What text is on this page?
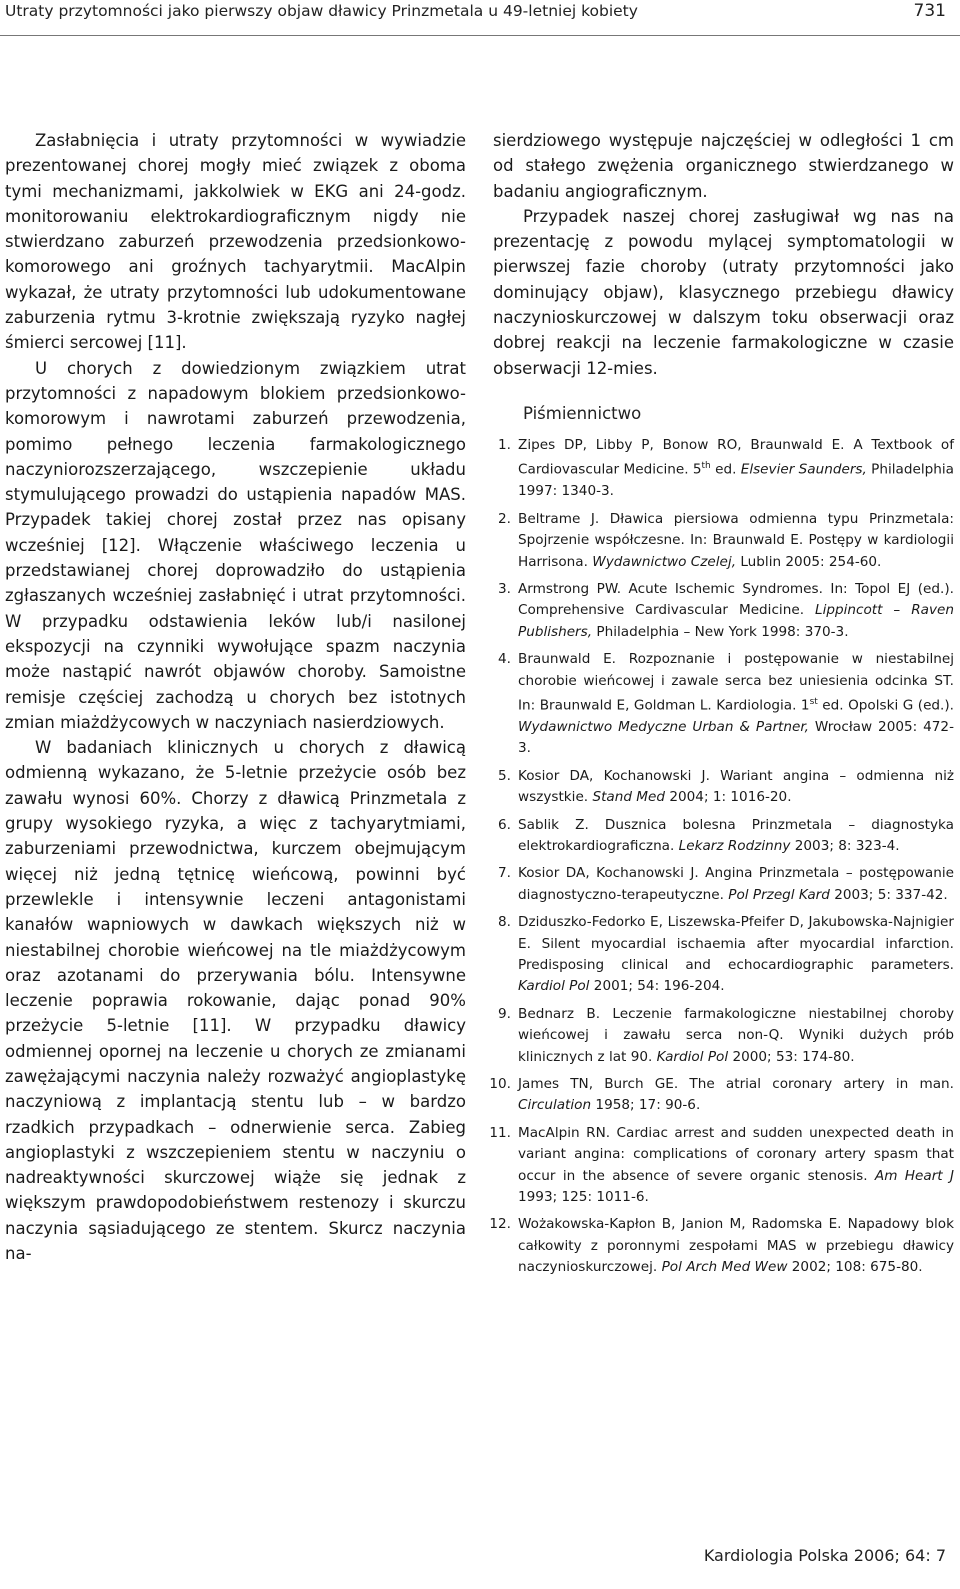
Utraty przytomności jako pierwszy objaw dławicy Prinzmetala u 49-letniej kobiety	731

Zasłabnięcia i utraty przytomności w wywiadzie prezentowanej chorej mogły mieć związek z oboma tymi mechanizmami, jakkolwiek w EKG ani 24-godz. monitorowaniu elektrokardiograficznym nigdy nie stwierdzano zaburzeń przewodzenia przedsionkowo-komorowego ani groźnych tachyarytmii. MacAlpin wykazał, że utraty przytomności lub udokumentowane zaburzenia rytmu 3-krotnie zwiększają ryzyko nagłej śmierci sercowej [11].

U chorych z dowiedzionym związkiem utrat przytomności z napadowym blokiem przedsionkowo-komorowym i nawrotami zaburzeń przewodzenia, pomimo pełnego leczenia farmakologicznego naczyniorozszerzającego, wszczepienie układu stymulującego prowadzi do ustąpienia napadów MAS. Przypadek takiej chorej został przez nas opisany wcześniej [12]. Włączenie właściwego leczenia u przedstawianej chorej doprowadziło do ustąpienia zgłaszanych wcześniej zasłabnięć i utrat przytomności. W przypadku odstawienia leków lub/i nasilonej ekspozycji na czynniki wywołujące spazm naczynia może nastąpić nawrót objawów choroby. Samoistne remisje częściej zachodzą u chorych bez istotnych zmian miażdżycowych w naczyniach nasierdziowych.

W badaniach klinicznych u chorych z dławicą odmienną wykazano, że 5-letnie przeżycie osób bez zawału wynosi 60%. Chorzy z dławicą Prinzmetala z grupy wysokiego ryzyka, a więc z tachyarytmiami, zaburzeniami przewodnictwa, kurczem obejmującym więcej niż jedną tętnicę wieńcową, powinni być przewlekle i intensywnie leczeni antagonistami kanałów wapniowych w dawkach większych niż w niestabilnej chorobie wieńcowej na tle miażdżycowym oraz azotanami do przerywania bólu. Intensywne leczenie poprawia rokowanie, dając ponad 90% przeżycie 5-letnie [11]. W przypadku dławicy odmiennej opornej na leczenie u chorych ze zmianami zawężającymi naczynia należy rozważyć angioplastykę naczyniową z implantacją stentu lub – w bardzo rzadkich przypadkach – odnerwienie serca. Zabieg angioplastyki z wszczepieniem stentu w naczyniu o nadreaktywności skurczowej wiąże się jednak z większym prawdopodobieństwem restenozy i skurczu naczynia sąsiadującego ze stentem. Skurcz naczynia na-

sierdziowego występuje najczęściej w odległości 1 cm od stałego zwężenia organicznego stwierdzanego w badaniu angiograficznym.

Przypadek naszej chorej zasługiwał wg nas na prezentację z powodu mylącej symptomatologii w pierwszej fazie choroby (utraty przytomności jako dominujący objaw), klasycznego przebiegu dławicy naczynioskurczowej w dalszym toku obserwacji oraz dobrej reakcji na leczenie farmakologiczne w czasie obserwacji 12-mies.

Piśmiennictwo
1. Zipes DP, Libby P, Bonow RO, Braunwald E. A Textbook of Cardiovascular Medicine. 5th ed. Elsevier Saunders, Philadelphia 1997: 1340-3.
2. Beltrame J. Dławica piersiowa odmienna typu Prinzmetala: Spojrzenie współczesne. In: Braunwald E. Postępy w kardiologii Harrisona. Wydawnictwo Czelej, Lublin 2005: 254-60.
3. Armstrong PW. Acute Ischemic Syndromes. In: Topol EJ (ed.). Comprehensive Cardivascular Medicine. Lippincott – Raven Publishers, Philadelphia – New York 1998: 370-3.
4. Braunwald E. Rozpoznanie i postępowanie w niestabilnej chorobie wieńcowej i zawale serca bez uniesienia odcinka ST. In: Braunwald E, Goldman L. Kardiologia. 1st ed. Opolski G (ed.). Wydawnictwo Medyczne Urban & Partner, Wrocław 2005: 472-3.
5. Kosior DA, Kochanowski J. Wariant angina – odmienna niż wszystkie. Stand Med 2004; 1: 1016-20.
6. Sablik Z. Dusznica bolesna Prinzmetala – diagnostyka elektrokardiograficzna. Lekarz Rodzinny 2003; 8: 323-4.
7. Kosior DA, Kochanowski J. Angina Prinzmetala – postępowanie diagnostyczno-terapeutyczne. Pol Przegl Kard 2003; 5: 337-42.
8. Dziduszko-Fedorko E, Liszewska-Pfeifer D, Jakubowska-Najnigier E. Silent myocardial ischaemia after myocardial infarction. Predisposing clinical and echocardiographic parameters. Kardiol Pol 2001; 54: 196-204.
9. Bednarz B. Leczenie farmakologiczne niestabilnej choroby wieńcowej i zawału serca non-Q. Wyniki dużych prób klinicznych z lat 90. Kardiol Pol 2000; 53: 174-80.
10. James TN, Burch GE. The atrial coronary artery in man. Circulation 1958; 17: 90-6.
11. MacAlpin RN. Cardiac arrest and sudden unexpected death in variant angina: complications of coronary artery spasm that occur in the absence of severe organic stenosis. Am Heart J 1993; 125: 1011-6.
12. Wożakowska-Kapłon B, Janion M, Radomska E. Napadowy blok całkowity z poronnymi zespołami MAS w przebiegu dławicy naczynioskurczowej. Pol Arch Med Wew 2002; 108: 675-80.
Kardiologia Polska 2006; 64: 7
